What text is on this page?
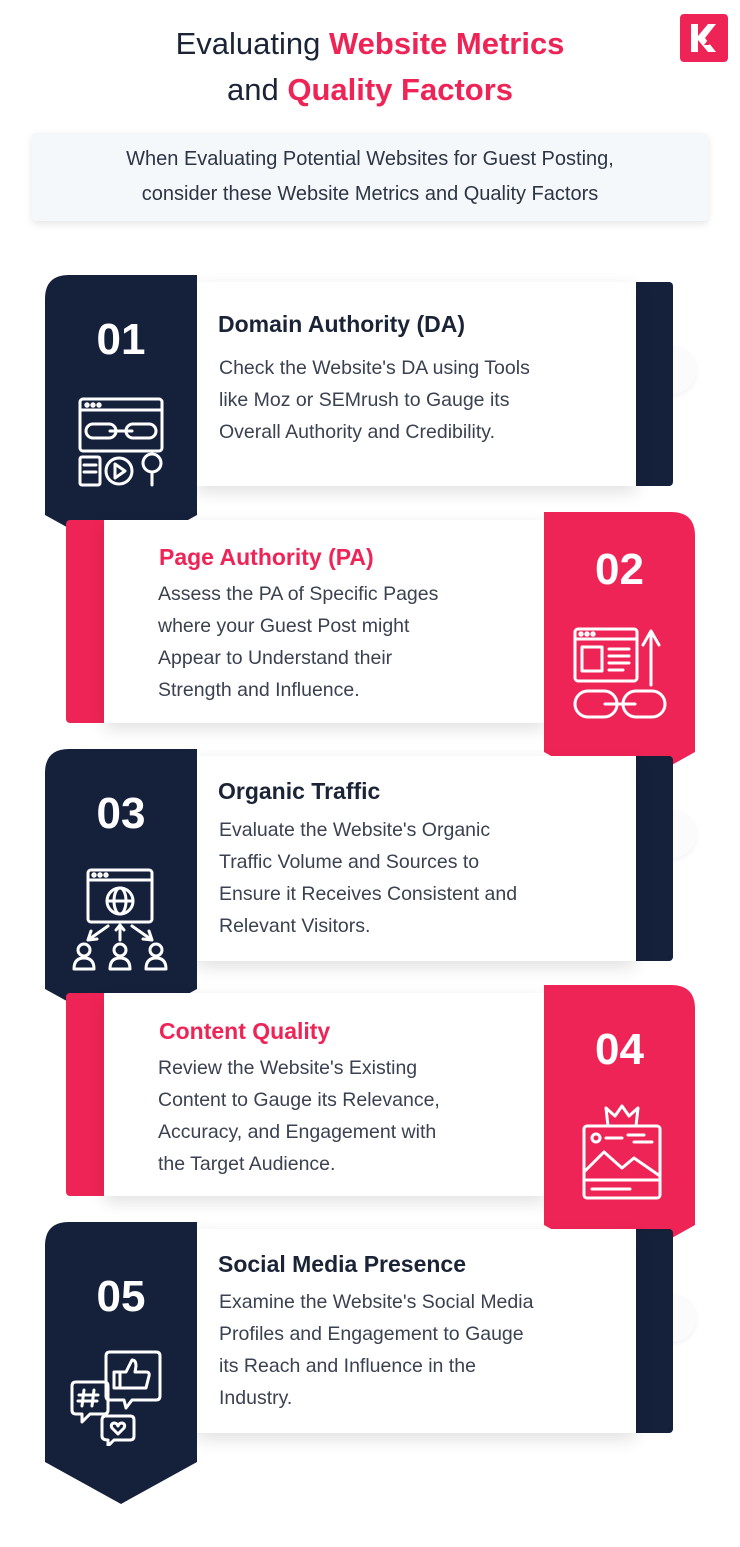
Evaluating Website Metrics
and Quality Factors
When Evaluating Potential Websites for Guest Posting,
consider these Website Metrics and Quality Factors
01	Domain Authority (DA)
Check the Website's DA using Tools
like Moz or SEMrush to Gauge its
Overall Authority and Credibility.
02
Page Authority (PA)
Assess the PA of Specific Pages
where your Guest Post might
Appear to Understand their
Strength and Influence.
03	Organic Traffic
Evaluate the Website's Organic
Traffic Volume and Sources to
Ensure it Receives Consistent and
Relevant Visitors.
04
Content Quality
Review the Website's Existing
Content to Gauge its Relevance,
Accuracy, and Engagement with
the Target Audience.
05
Social Media Presence
Examine the Website's Social Media
Profiles and Engagement to Gauge
its Reach and Influence in the
Industry.
